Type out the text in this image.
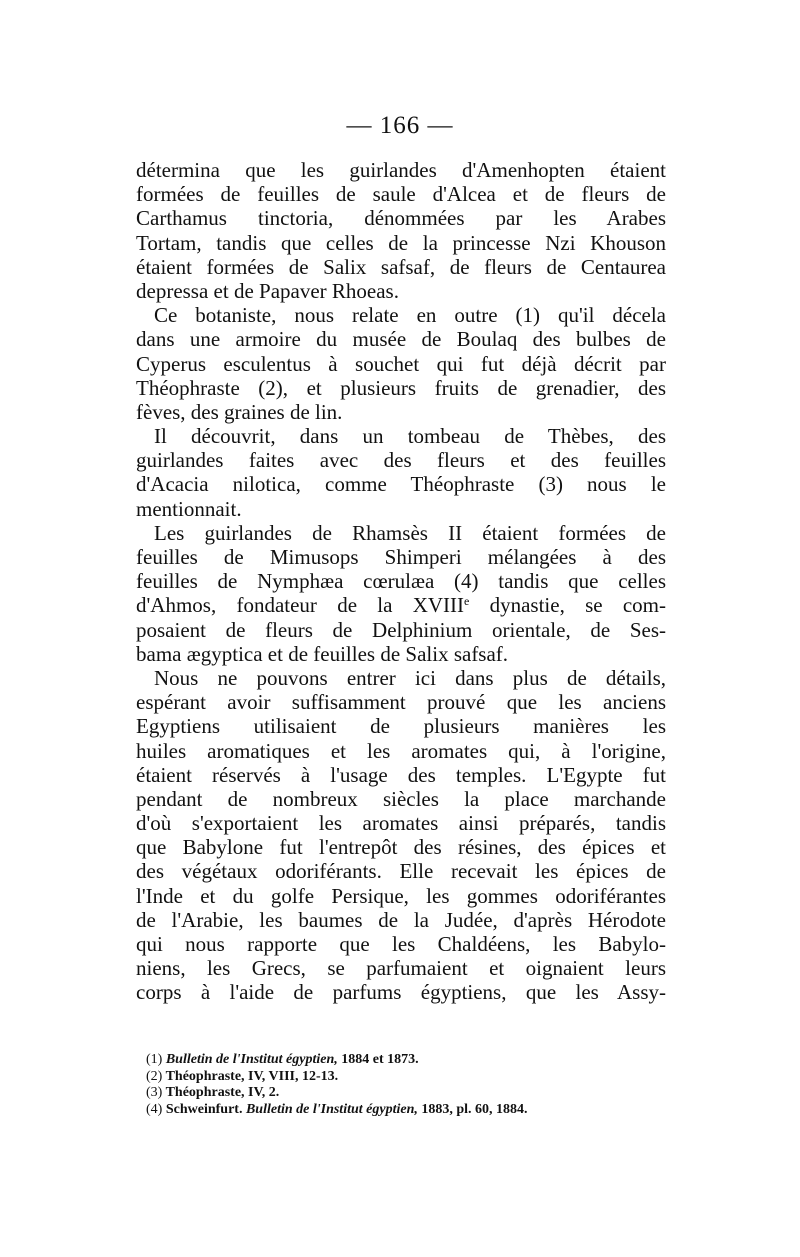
— 166 —
détermina que les guirlandes d'Amenhopten étaient
formées de feuilles de saule d'Alcea et de fleurs de
Carthamus tinctoria, dénommées par les Arabes
Tortam, tandis que celles de la princesse Nzi Khouson
étaient formées de Salix safsaf, de fleurs de Centaurea
depressa et de Papaver Rhoeas.
Ce botaniste, nous relate en outre (1) qu'il décela
dans une armoire du musée de Boulaq des bulbes de
Cyperus esculentus à souchet qui fut déjà décrit par
Théophraste (2), et plusieurs fruits de grenadier, des
fèves, des graines de lin.
Il découvrit, dans un tombeau de Thèbes, des
guirlandes faites avec des fleurs et des feuilles
d'Acacia nilotica, comme Théophraste (3) nous le
mentionnait.
Les guirlandes de Rhamsès II étaient formées de
feuilles de Mimusops Shimperi mélangées à des
feuilles de Nymphæa cœrulæa (4) tandis que celles
d'Ahmos, fondateur de la XVIIIe dynastie, se com-
posaient de fleurs de Delphinium orientale, de Ses-
bama ægyptica et de feuilles de Salix safsaf.
Nous ne pouvons entrer ici dans plus de détails,
espérant avoir suffisamment prouvé que les anciens
Egyptiens utilisaient de plusieurs manières les
huiles aromatiques et les aromates qui, à l'origine,
étaient réservés à l'usage des temples. L'Egypte fut
pendant de nombreux siècles la place marchande
d'où s'exportaient les aromates ainsi préparés, tandis
que Babylone fut l'entrepôt des résines, des épices et
des végétaux odoriférants. Elle recevait les épices de
l'Inde et du golfe Persique, les gommes odoriférantes
de l'Arabie, les baumes de la Judée, d'après Hérodote
qui nous rapporte que les Chaldéens, les Babylo-
niens, les Grecs, se parfumaient et oignaient leurs
corps à l'aide de parfums égyptiens, que les Assy-
(1) Bulletin de l'Institut égyptien, 1884 et 1873.
(2) Théophraste, IV, VIII, 12-13.
(3) Théophraste, IV, 2.
(4) Schweinfurt. Bulletin de l'Institut égyptien, 1883, pl. 60, 1884.
